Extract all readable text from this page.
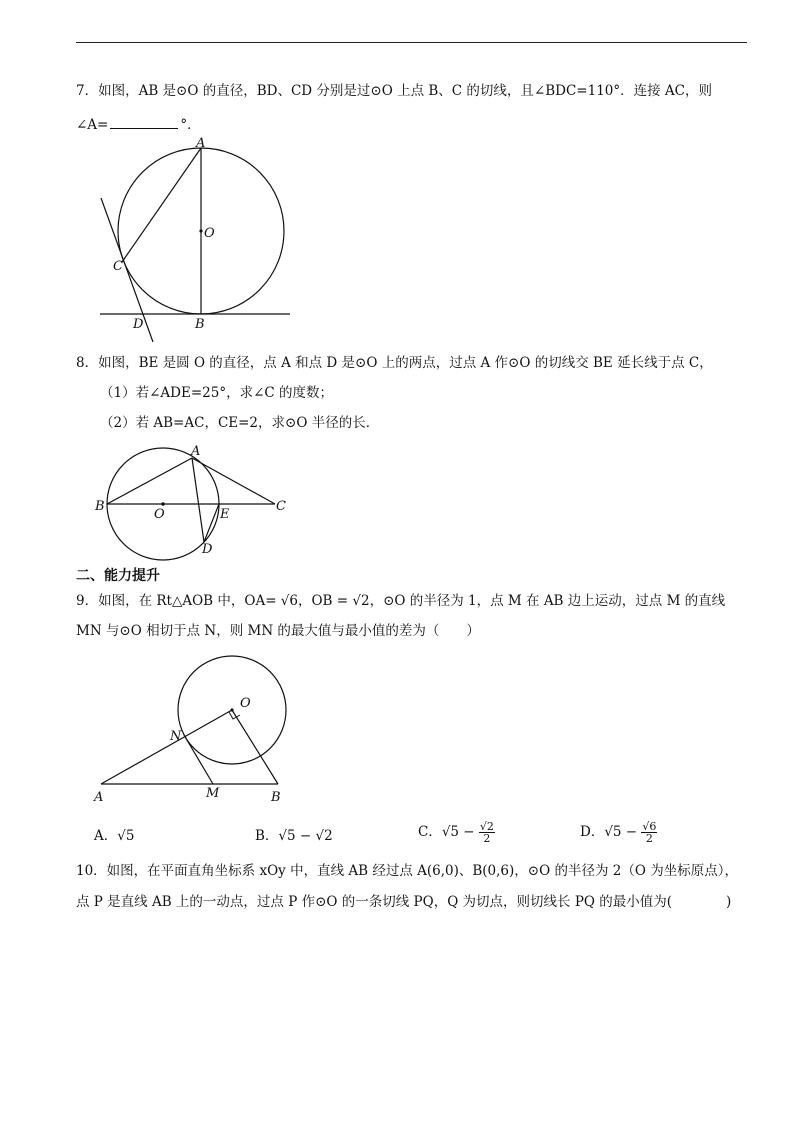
7．如图，AB 是⊙O 的直径，BD、CD 分别是过⊙O 上点 B、C 的切线，且∠BDC=110°．连接 AC，则
∠A=	°．
A
O
C
D	B
8．如图，BE 是圆 O 的直径，点 A 和点 D 是⊙O 上的两点，过点 A 作⊙O 的切线交 BE 延长线于点 C，
（1）若∠ADE=25°，求∠C 的度数；
（2）若 AB=AC，CE=2，求⊙O 半径的长．
A
B
O	E
C
D
二、能力提升
9．如图，在 Rt△AOB 中，OA= √6，OB = √2，⊙O 的半径为 1，点 M 在 AB 边上运动，过点 M 的直线
MN 与⊙O 相切于点 N，则 MN 的最大值与最小值的差为（　　）
O
N
A	M	B
A．√5	B．√5 − √2	C．$√5 - \frac{√2}{2}$	D．$√5 - \frac{√6}{2}$
10．如图，在平面直角坐标系 xOy 中，直线 AB 经过点 A(6,0)、B(0,6)，⊙O 的半径为 2（O 为坐标原点），
点 P 是直线 AB 上的一动点，过点 P 作⊙O 的一条切线 PQ，Q 为切点，则切线长 PQ 的最小值为(　　　　)
